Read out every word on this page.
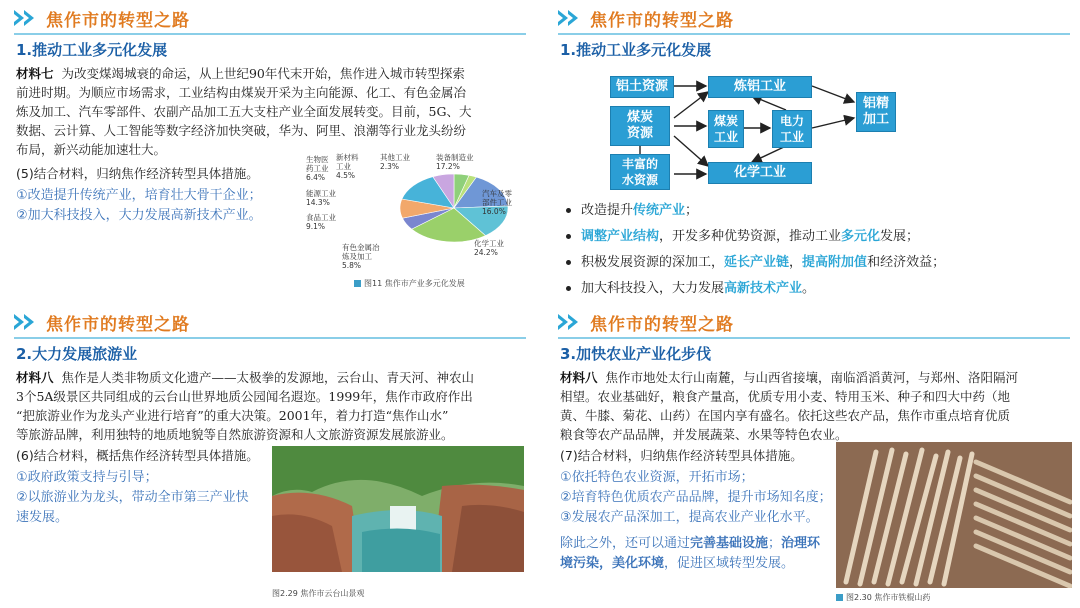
焦作市的转型之路
1.推动工业多元化发展
材料七 为改变煤竭城衰的命运，从上世纪90年代末开始，焦作进入城市转型探索
前进时期。为顺应市场需求，工业结构由煤炭开采为主向能源、化工、有色金属冶
炼及加工、汽车零部件、农副产品加工五大支柱产业全面发展转变。目前，5G、大
数据、云计算、人工智能等数字经济加快突破，华为、阿里、浪潮等行业龙头纷纷
布局，新兴动能加速壮大。
(5)结合材料，归纳焦作经济转型具体措施。
①改造提升传统产业，培育壮大骨干企业；
②加大科技投入，大力发展高新技术产业。
新材料工业 4.5%
其他工业 2.3%
装备制造业 17.2%
汽车及零部件工业 16.0%
化学工业 24.2%
有色金属冶炼及加工 5.8%
食品工业 9.1%
能源工业 14.3%
生物医药工业 6.4%
图11 焦作市产业多元化发展
焦作市的转型之路
1.推动工业多元化发展
铝土资源	炼铝工业
煤炭
资源
煤炭
工业
电力
工业
铝精
加工
丰富的
水资源	化学工业
改造提升传统产业；
调整产业结构，开发多种优势资源，推动工业多元化发展；
积极发展资源的深加工，延长产业链，提高附加值和经济效益；
加大科技投入，大力发展高新技术产业。
焦作市的转型之路
2.大力发展旅游业
材料八 焦作是人类非物质文化遗产——太极拳的发源地，云台山、青天河、神农山
3个5A级景区共同组成的云台山世界地质公园闻名遐迩。1999年，焦作市政府作出
“把旅游业作为龙头产业进行培育”的重大决策。2001年，着力打造“焦作山水”
等旅游品牌，利用独特的地质地貌等自然旅游资源和人文旅游资源发展旅游业。
(6)结合材料，概括焦作经济转型具体措施。
①政府政策支持与引导；
②以旅游业为龙头，带动全市第三产业快
速发展。
图2.29 焦作市云台山景观
焦作市的转型之路
3.加快农业产业化步伐
材料八 焦作市地处太行山南麓，与山西省接壤，南临滔滔黄河，与郑州、洛阳隔河
相望。农业基础好，粮食产量高，优质专用小麦、特用玉米、种子和四大中药（地
黄、牛膝、菊花、山药）在国内享有盛名。依托这些农产品，焦作市重点培育优质
粮食等农产品品牌，并发展蔬菜、水果等特色农业。
(7)结合材料，归纳焦作经济转型具体措施。
①依托特色农业资源，开拓市场；
②培育特色优质农产品品牌，提升市场知名度；
③发展农产品深加工，提高农业产业化水平。
除此之外，还可以通过完善基础设施；治理环
境污染，美化环境，促进区域转型发展。
图2.30 焦作市铁棍山药
